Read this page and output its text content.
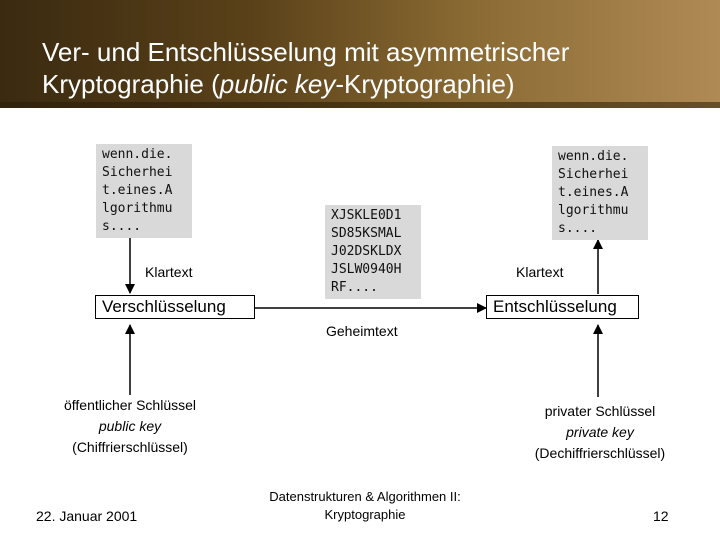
Ver- und Entschlüsselung mit asymmetrischer
Kryptographie (public key-Kryptographie)
wenn.die.
Sicherhei
t.eines.A
lgorithmu
s....
wenn.die.
Sicherhei
t.eines.A
lgorithmu
s....
XJSKLE0D1
SD85KSMAL
J02DSKLDX
JSLW0940H
RF....
Klartext	Klartext
Verschlüsselung	Entschlüsselung
Geheimtext
öffentlicher Schlüssel
public key
(Chiffrierschlüssel)
privater Schlüssel
private key
(Dechiffrierschlüssel)
22. Januar 2001
Datenstrukturen & Algorithmen II:
Kryptographie	12
